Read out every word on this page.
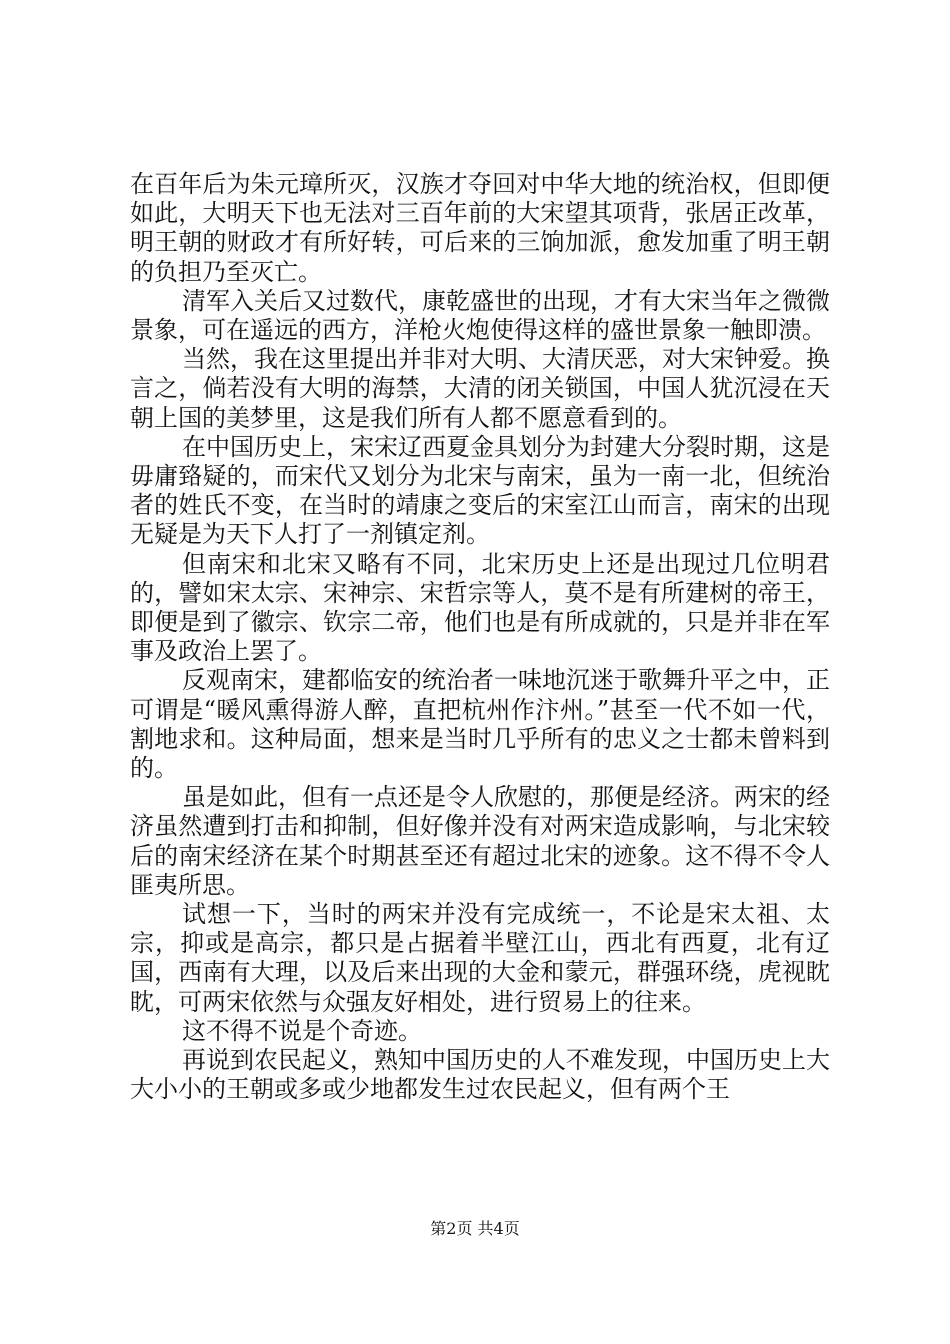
在百年后为朱元璋所灭，汉族才夺回对中华大地的统治权，但即便如此，大明天下也无法对三百年前的大宋望其项背，张居正改革，明王朝的财政才有所好转，可后来的三饷加派，愈发加重了明王朝的负担乃至灭亡。

清军入关后又过数代，康乾盛世的出现，才有大宋当年之微微景象，可在遥远的西方，洋枪火炮使得这样的盛世景象一触即溃。

当然，我在这里提出并非对大明、大清厌恶，对大宋钟爱。换言之，倘若没有大明的海禁，大清的闭关锁国，中国人犹沉浸在天朝上国的美梦里，这是我们所有人都不愿意看到的。

在中国历史上，宋宋辽西夏金具划分为封建大分裂时期，这是毋庸臵疑的，而宋代又划分为北宋与南宋，虽为一南一北，但统治者的姓氏不变，在当时的靖康之变后的宋室江山而言，南宋的出现无疑是为天下人打了一剂镇定剂。

但南宋和北宋又略有不同，北宋历史上还是出现过几位明君的，譬如宋太宗、宋神宗、宋哲宗等人，莫不是有所建树的帝王，即便是到了徽宗、钦宗二帝，他们也是有所成就的，只是并非在军事及政治上罢了。

反观南宋，建都临安的统治者一味地沉迷于歌舞升平之中，正可谓是“暖风熏得游人醉，直把杭州作汴州。”甚至一代不如一代，割地求和。这种局面，想来是当时几乎所有的忠义之士都未曾料到的。

虽是如此，但有一点还是令人欣慰的，那便是经济。两宋的经济虽然遭到打击和抑制，但好像并没有对两宋造成影响，与北宋较后的南宋经济在某个时期甚至还有超过北宋的迹象。这不得不令人匪夷所思。

试想一下，当时的两宋并没有完成统一，不论是宋太祖、太宗，抑或是高宗，都只是占据着半壁江山，西北有西夏，北有辽国，西南有大理，以及后来出现的大金和蒙元，群强环绕，虎视眈眈，可两宋依然与众强友好相处，进行贸易上的往来。

这不得不说是个奇迹。

再说到农民起义，熟知中国历史的人不难发现，中国历史上大大小小的王朝或多或少地都发生过农民起义，但有两个王

第2页 共4页
